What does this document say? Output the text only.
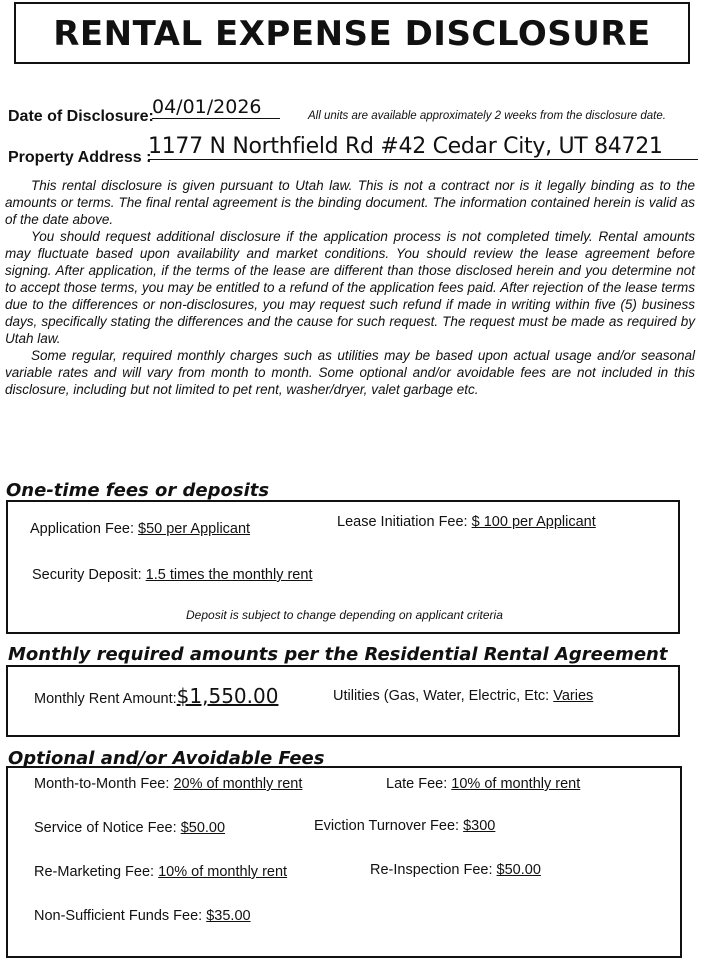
RENTAL EXPENSE DISCLOSURE
Date of Disclosure:
04/01/2026	All units are available approximately 2 weeks from the disclosure date.
Property Address :
1177 N Northfield Rd #42 Cedar City, UT 84721

This rental disclosure is given pursuant to Utah law. This is not a contract nor is it legally binding as to the amounts or terms. The final rental agreement is the binding document. The information contained herein is valid as of the date above.

You should request additional disclosure if the application process is not completed timely. Rental amounts may fluctuate based upon availability and market conditions. You should review the lease agreement before signing. After application, if the terms of the lease are different than those disclosed herein and you determine not to accept those terms, you may be entitled to a refund of the application fees paid. After rejection of the lease terms due to the differences or non-disclosures, you may request such refund if made in writing within five (5) business days, specifically stating the differences and the cause for such request. The request must be made as required by Utah law.

Some regular, required monthly charges such as utilities may be based upon actual usage and/or seasonal variable rates and will vary from month to month. Some optional and/or avoidable fees are not included in this disclosure, including but not limited to pet rent, washer/dryer, valet garbage etc.

One-time fees or deposits
Application Fee: $50 per Applicant	Lease Initiation Fee: $ 100 per Applicant
Security Deposit: 1.5 times the monthly rent
Deposit is subject to change depending on applicant criteria
Monthly required amounts per the Residential Rental Agreement
Monthly Rent Amount:$1,550.00	Utilities (Gas, Water, Electric, Etc: Varies
Optional and/or Avoidable Fees
Month-to-Month Fee: 20% of monthly rent	Late Fee: 10% of monthly rent
Service of Notice Fee: $50.00	Eviction Turnover Fee: $300
Re-Marketing Fee: 10% of monthly rent	Re-Inspection Fee: $50.00
Non-Sufficient Funds Fee: $35.00
